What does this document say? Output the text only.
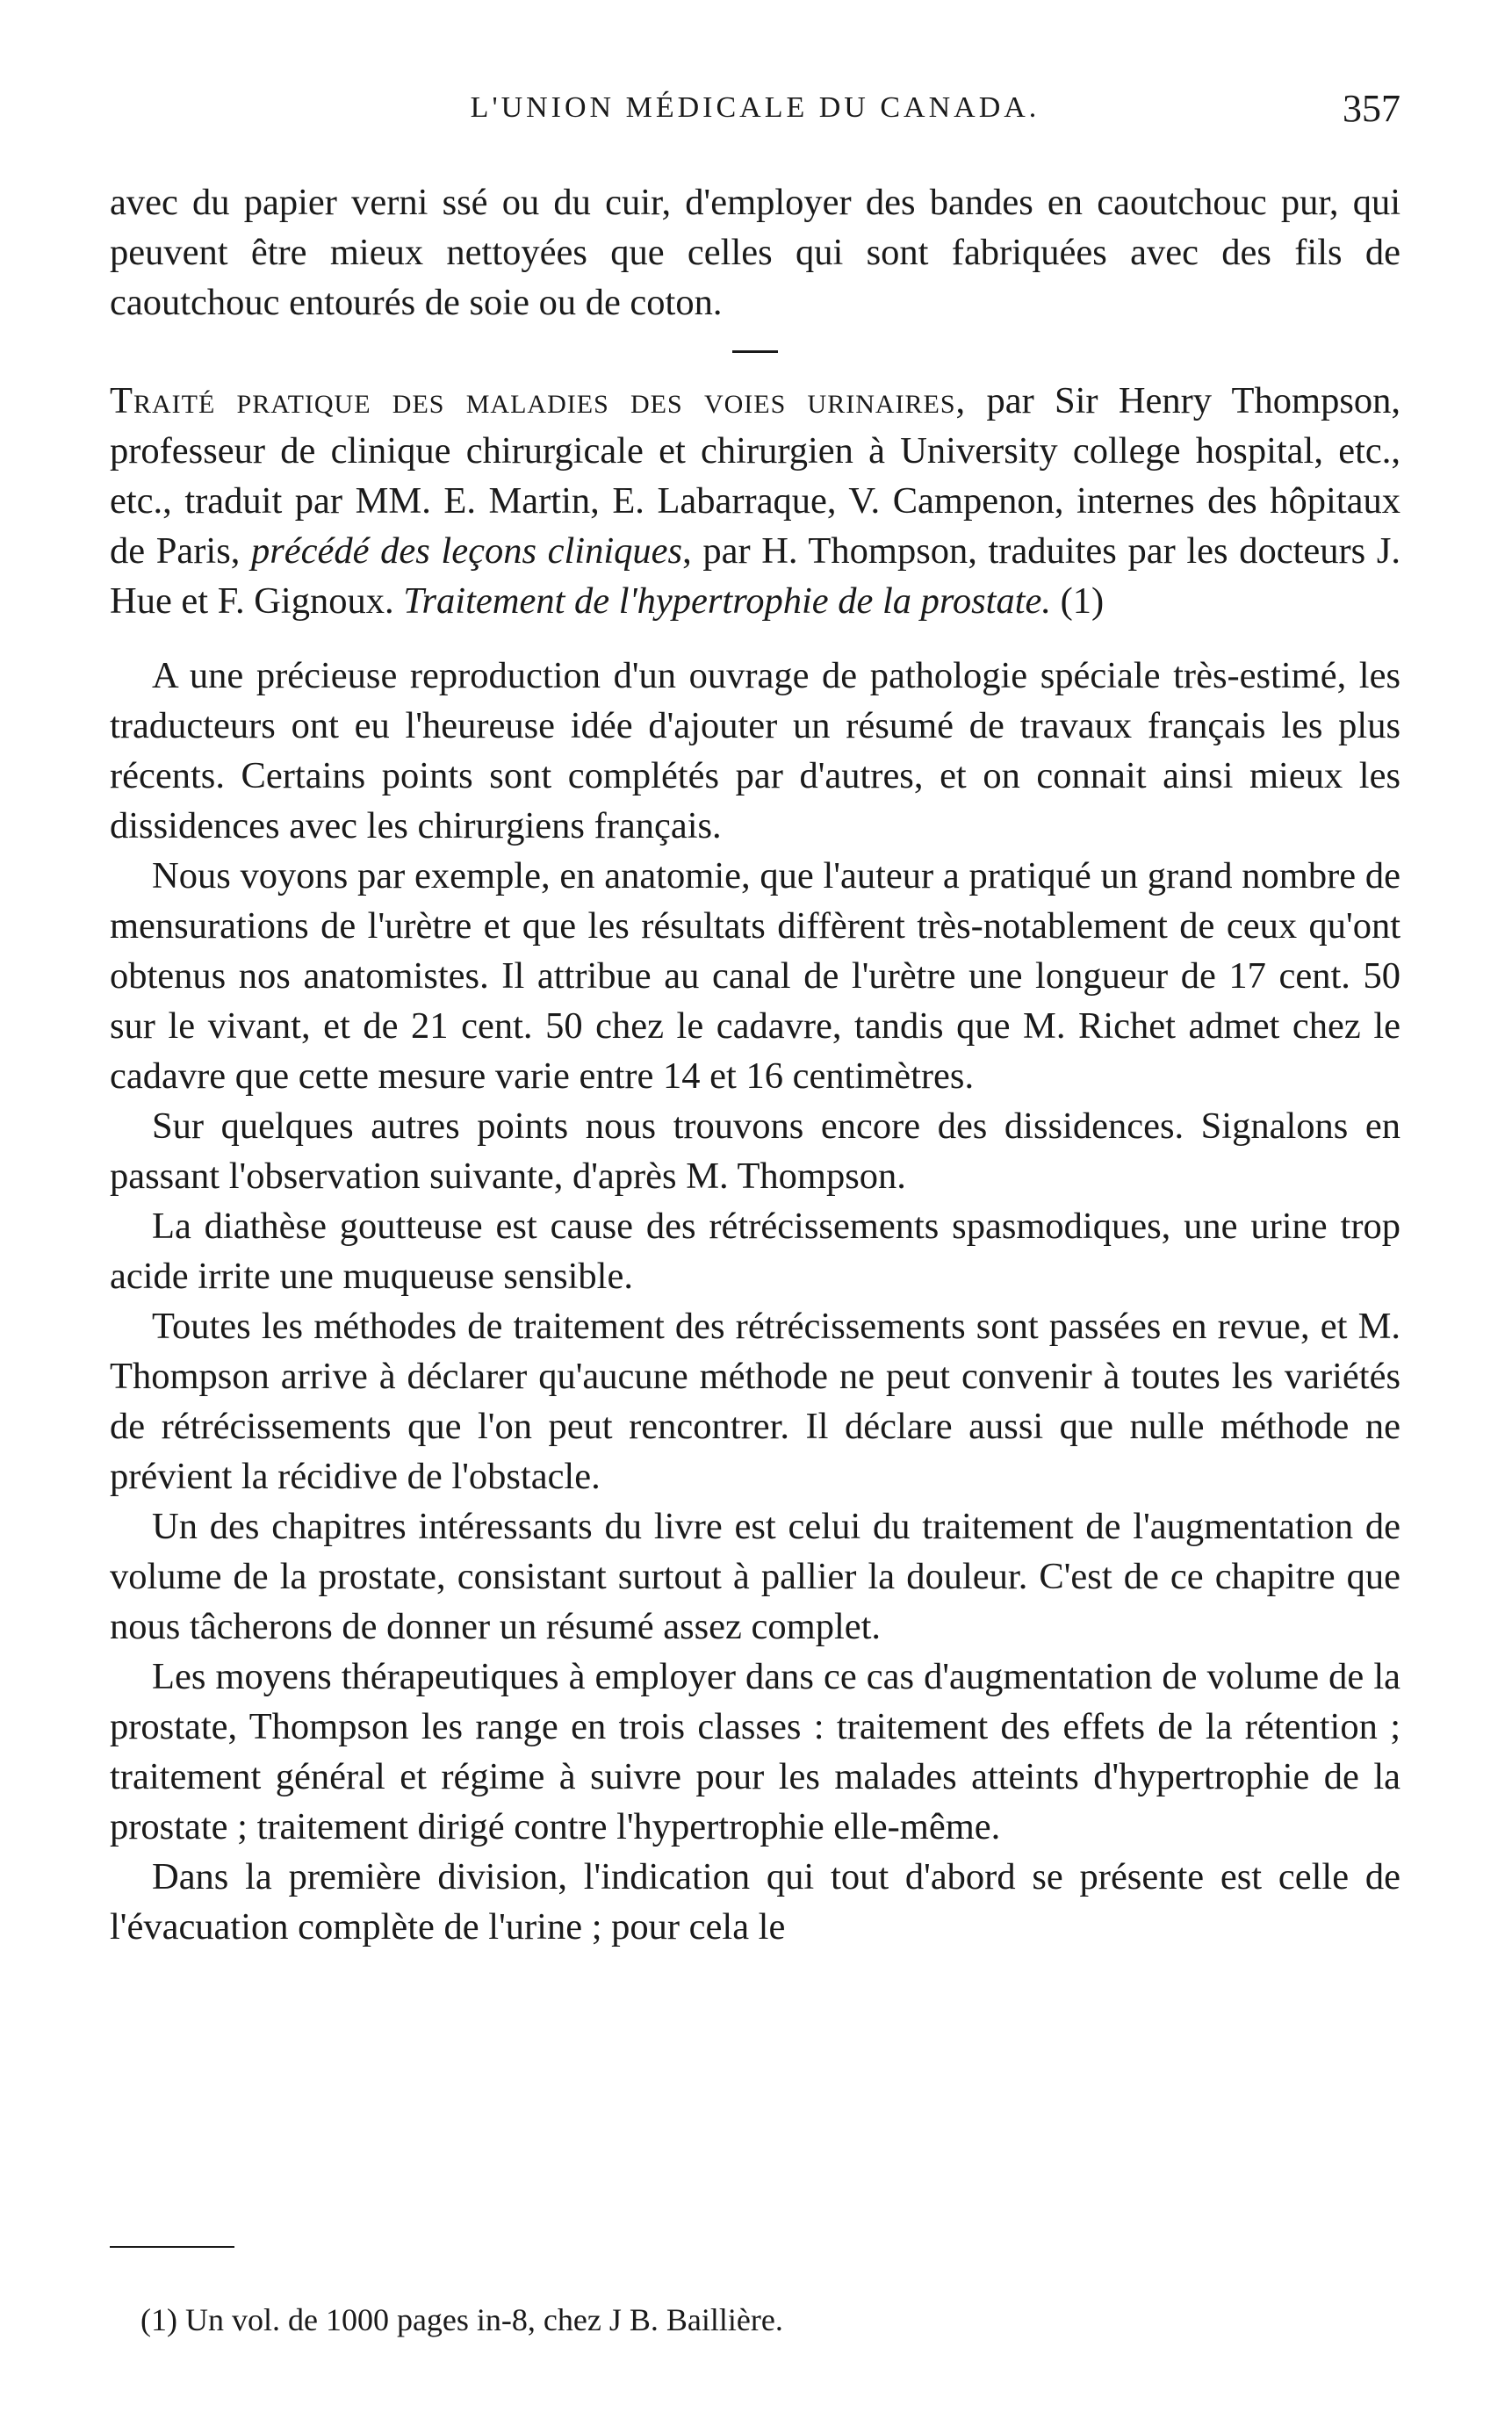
L'UNION MÉDICALE DU CANADA.	357

avec du papier verni ssé ou du cuir, d'employer des bandes en caoutchouc pur, qui peuvent être mieux nettoyées que celles qui sont fabriquées avec des fils de caoutchouc entourés de soie ou de coton.

Traité pratique des maladies des voies urinaires, par Sir Henry Thompson, professeur de clinique chirurgicale et chirurgien à University college hospital, etc., etc., traduit par MM. E. Martin, E. Labarraque, V. Campenon, internes des hôpitaux de Paris, précédé des leçons cliniques, par H. Thompson, traduites par les docteurs J. Hue et F. Gignoux. Traitement de l'hypertrophie de la prostate. (1)

A une précieuse reproduction d'un ouvrage de pathologie spéciale très-estimé, les traducteurs ont eu l'heureuse idée d'ajouter un résumé de travaux français les plus récents. Certains points sont complétés par d'autres, et on connait ainsi mieux les dissidences avec les chirurgiens français.

Nous voyons par exemple, en anatomie, que l'auteur a pratiqué un grand nombre de mensurations de l'urètre et que les résultats diffèrent très-notablement de ceux qu'ont obtenus nos anatomistes. Il attribue au canal de l'urètre une longueur de 17 cent. 50 sur le vivant, et de 21 cent. 50 chez le cadavre, tandis que M. Richet admet chez le cadavre que cette mesure varie entre 14 et 16 centimètres.

Sur quelques autres points nous trouvons encore des dissidences. Signalons en passant l'observation suivante, d'après M. Thompson.

La diathèse goutteuse est cause des rétrécissements spasmodiques, une urine trop acide irrite une muqueuse sensible.

Toutes les méthodes de traitement des rétrécissements sont passées en revue, et M. Thompson arrive à déclarer qu'aucune méthode ne peut convenir à toutes les variétés de rétrécissements que l'on peut rencontrer. Il déclare aussi que nulle méthode ne prévient la récidive de l'obstacle.

Un des chapitres intéressants du livre est celui du traitement de l'augmentation de volume de la prostate, consistant surtout à pallier la douleur. C'est de ce chapitre que nous tâcherons de donner un résumé assez complet.

Les moyens thérapeutiques à employer dans ce cas d'augmentation de volume de la prostate, Thompson les range en trois classes : traitement des effets de la rétention ; traitement général et régime à suivre pour les malades atteints d'hypertrophie de la prostate ; traitement dirigé contre l'hypertrophie elle-même.

Dans la première division, l'indication qui tout d'abord se présente est celle de l'évacuation complète de l'urine ; pour cela le

(1) Un vol. de 1000 pages in-8, chez J B. Baillière.
